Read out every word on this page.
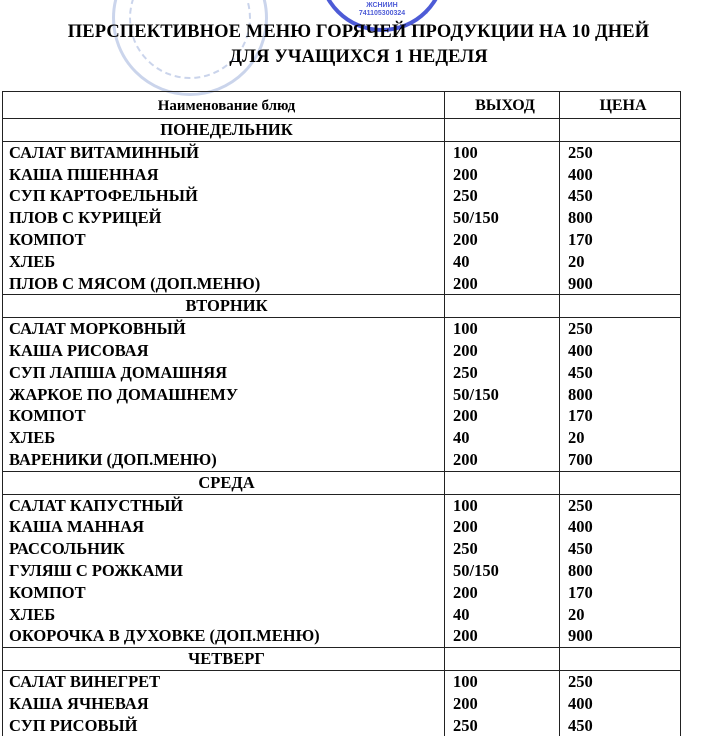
ЖСНИИН
741105300324
ПЕРСПЕКТИВНОЕ МЕНЮ ГОРЯЧЕЙ ПРОДУКЦИИ НА 10 ДНЕЙ
ДЛЯ УЧАЩИХСЯ 1 НЕДЕЛЯ
Наименование блюд	ВЫХОД	ЦЕНА
ПОНЕДЕЛЬНИК		
САЛАТ ВИТАМИННЫЙ	100	250
КАША ПШЕННАЯ	200	400
СУП КАРТОФЕЛЬНЫЙ	250	450
ПЛОВ С КУРИЦЕЙ	50/150	800
КОМПОТ	200	170
ХЛЕБ	40	20
ПЛОВ С МЯСОМ (ДОП.МЕНЮ)	200	900
ВТОРНИК		
САЛАТ МОРКОВНЫЙ	100	250
КАША РИСОВАЯ	200	400
СУП ЛАПША ДОМАШНЯЯ	250	450
ЖАРКОЕ ПО ДОМАШНЕМУ	50/150	800
КОМПОТ	200	170
ХЛЕБ	40	20
ВАРЕНИКИ (ДОП.МЕНЮ)	200	700
СРЕДА		
САЛАТ КАПУСТНЫЙ	100	250
КАША МАННАЯ	200	400
РАССОЛЬНИК	250	450
ГУЛЯШ С РОЖКАМИ	50/150	800
КОМПОТ	200	170
ХЛЕБ	40	20
ОКОРОЧКА В ДУХОВКЕ (ДОП.МЕНЮ)	200	900
ЧЕТВЕРГ		
САЛАТ ВИНЕГРЕТ	100	250
КАША ЯЧНЕВАЯ	200	400
СУП РИСОВЫЙ	250	450
